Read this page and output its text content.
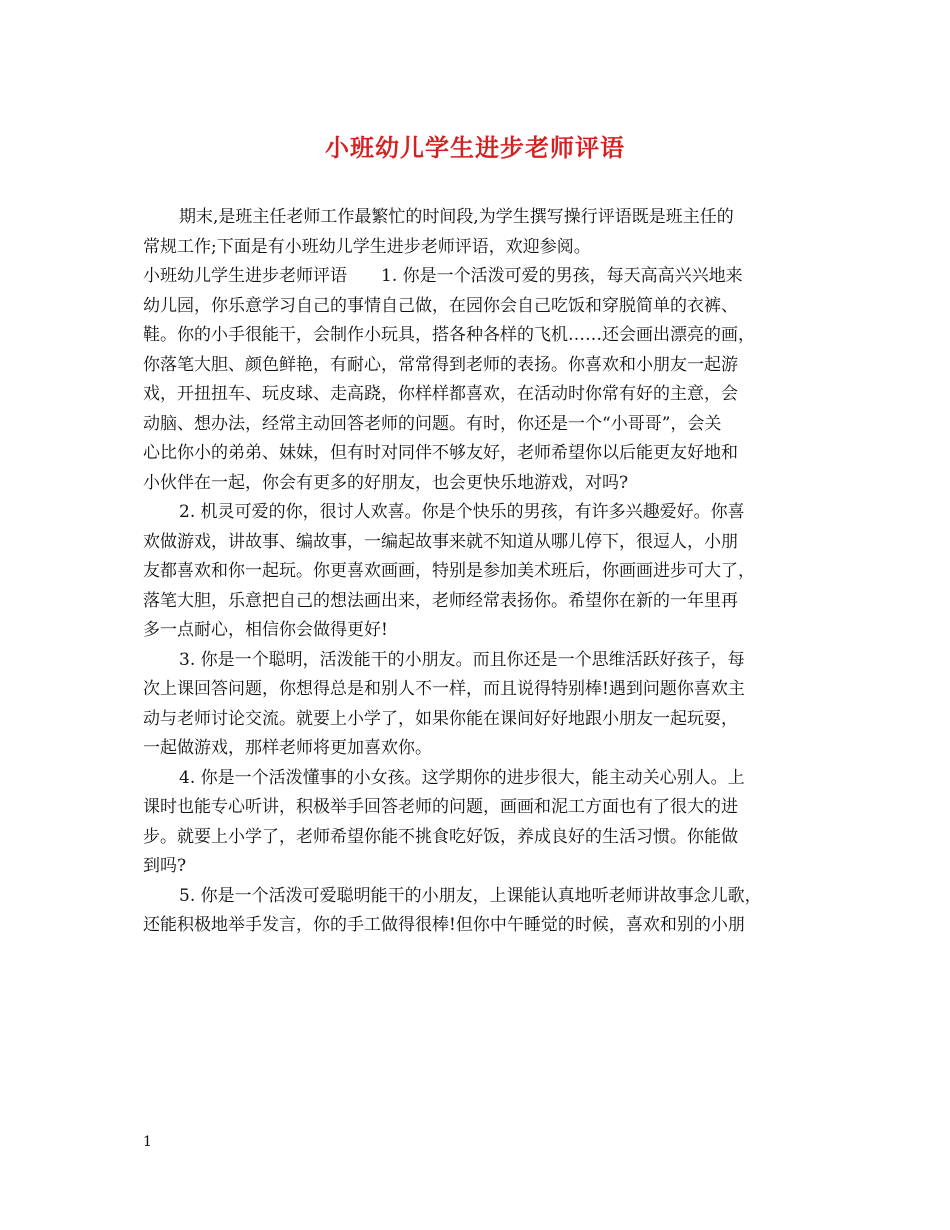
小班幼儿学生进步老师评语
期末,是班主任老师工作最繁忙的时间段,为学生撰写操行评语既是班主任的
常规工作;下面是有小班幼儿学生进步老师评语，欢迎参阅。
小班幼儿学生进步老师评语　　1. 你是一个活泼可爱的男孩，每天高高兴兴地来
幼儿园，你乐意学习自己的事情自己做，在园你会自己吃饭和穿脱简单的衣裤、
鞋。你的小手很能干，会制作小玩具，搭各种各样的飞机……还会画出漂亮的画，
你落笔大胆、颜色鲜艳，有耐心，常常得到老师的表扬。你喜欢和小朋友一起游
戏，开扭扭车、玩皮球、走高跷，你样样都喜欢，在活动时你常有好的主意，会
动脑、想办法，经常主动回答老师的问题。有时，你还是一个“小哥哥”，会关
心比你小的弟弟、妹妹，但有时对同伴不够友好，老师希望你以后能更友好地和
小伙伴在一起，你会有更多的好朋友，也会更快乐地游戏，对吗?
2. 机灵可爱的你，很讨人欢喜。你是个快乐的男孩，有许多兴趣爱好。你喜
欢做游戏，讲故事、编故事，一编起故事来就不知道从哪儿停下，很逗人，小朋
友都喜欢和你一起玩。你更喜欢画画，特别是参加美术班后，你画画进步可大了，
落笔大胆，乐意把自己的想法画出来，老师经常表扬你。希望你在新的一年里再
多一点耐心，相信你会做得更好!
3. 你是一个聪明，活泼能干的小朋友。而且你还是一个思维活跃好孩子，每
次上课回答问题，你想得总是和别人不一样，而且说得特别棒!遇到问题你喜欢主
动与老师讨论交流。就要上小学了，如果你能在课间好好地跟小朋友一起玩耍，
一起做游戏，那样老师将更加喜欢你。
4. 你是一个活泼懂事的小女孩。这学期你的进步很大，能主动关心别人。上
课时也能专心听讲，积极举手回答老师的问题，画画和泥工方面也有了很大的进
步。就要上小学了，老师希望你能不挑食吃好饭，养成良好的生活习惯。你能做
到吗?
5. 你是一个活泼可爱聪明能干的小朋友，上课能认真地听老师讲故事念儿歌，
还能积极地举手发言，你的手工做得很棒!但你中午睡觉的时候，喜欢和别的小朋
1
